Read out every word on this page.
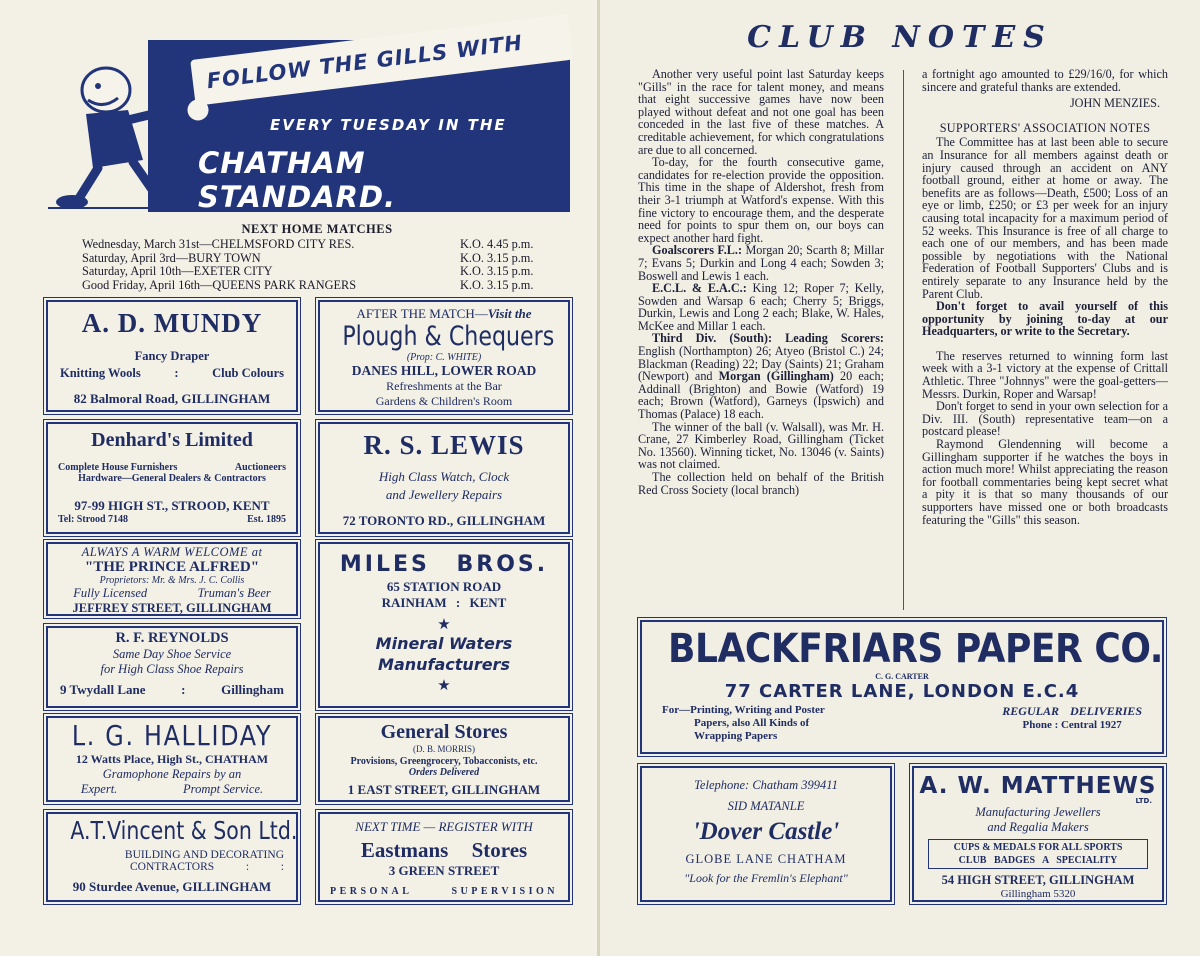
FOLLOW THE GILLS WITH TUMBLE
EVERY TUESDAY IN THE
CHATHAM STANDARD.
NEXT HOME MATCHES
Wednesday, March 31st—CHELMSFORD CITY RES.	K.O. 4.45 p.m.
Saturday, April 3rd—BURY TOWN	K.O. 3.15 p.m.
Saturday, April 10th—EXETER CITY	K.O. 3.15 p.m.
Good Friday, April 16th—QUEENS PARK RANGERS	K.O. 3.15 p.m.
A. D. MUNDY
Fancy Draper
Knitting Wools	:	Club Colours
82 Balmoral Road, GILLINGHAM
AFTER THE MATCH—Visit the
Plough & Chequers
(Prop: C. WHITE)
DANES HILL, LOWER ROAD
Refreshments at the Bar
Gardens & Children's Room
Denhard's Limited
Complete House Furnishers	Auctioneers
Hardware—General Dealers & Contractors
97-99 HIGH ST., STROOD, KENT
Tel: Strood 7148	Est. 1895
R. S. LEWIS
High Class Watch, Clock
and Jewellery Repairs
72 TORONTO RD., GILLINGHAM
ALWAYS A WARM WELCOME at
"THE PRINCE ALFRED"
Proprietors: Mr. & Mrs. J. C. Collis
Fully Licensed	Truman's Beer
JEFFREY STREET, GILLINGHAM
MILES BROS.
65 STATION ROAD
RAINHAM : KENT
★
Mineral Waters
Manufacturers
★
R. F. REYNOLDS
Same Day Shoe Service
for High Class Shoe Repairs
9 Twydall Lane	:	Gillingham
L. G. HALLIDAY
12 Watts Place, High St., CHATHAM
Gramophone Repairs by an
Expert.	Prompt Service.
General Stores
(D. B. MORRIS)
Provisions, Greengrocery, Tobacconists, etc.
Orders Delivered
1 EAST STREET, GILLINGHAM
A.T.Vincent & Son Ltd.
BUILDING AND DECORATING
CONTRACTORS	:	:
90 Sturdee Avenue, GILLINGHAM
NEXT TIME — REGISTER WITH
Eastmans Stores
3 GREEN STREET
PERSONAL	SUPERVISION
CLUB NOTES

Another very useful point last Saturday keeps "Gills" in the race for talent money, and means that eight successive games have now been played without defeat and not one goal has been conceded in the last five of these matches. A creditable achievement, for which congratulations are due to all concerned.

To-day, for the fourth consecutive game, candidates for re-election provide the opposition. This time in the shape of Aldershot, fresh from their 3-1 triumph at Watford's expense. With this fine victory to encourage them, and the desperate need for points to spur them on, our boys can expect another hard fight.

Goalscorers F.L.: Morgan 20; Scarth 8; Millar 7; Evans 5; Durkin and Long 4 each; Sowden 3; Boswell and Lewis 1 each.

E.C.L. & E.A.C.: King 12; Roper 7; Kelly, Sowden and Warsap 6 each; Cherry 5; Briggs, Durkin, Lewis and Long 2 each; Blake, W. Hales, McKee and Millar 1 each.

Third Div. (South): Leading Scorers: English (Northampton) 26; Atyeo (Bristol C.) 24; Blackman (Reading) 22; Day (Saints) 21; Graham (Newport) and Morgan (Gillingham) 20 each; Addinall (Brighton) and Bowie (Watford) 19 each; Brown (Watford), Garneys (Ipswich) and Thomas (Palace) 18 each.

The winner of the ball (v. Walsall), was Mr. H. Crane, 27 Kimberley Road, Gillingham (Ticket No. 13560). Winning ticket, No. 13046 (v. Saints) was not claimed.

The collection held on behalf of the British Red Cross Society (local branch)

a fortnight ago amounted to £29/16/0, for which sincere and grateful thanks are extended.

JOHN MENZIES.
SUPPORTERS' ASSOCIATION NOTES

The Committee has at last been able to secure an Insurance for all members against death or injury caused through an accident on ANY football ground, either at home or away. The benefits are as follows—Death, £500; Loss of an eye or limb, £250; or £3 per week for an injury causing total incapacity for a maximum period of 52 weeks. This Insurance is free of all charge to each one of our members, and has been made possible by negotiations with the National Federation of Football Supporters' Clubs and is entirely separate to any Insurance held by the Parent Club.

Don't forget to avail yourself of this opportunity by joining to-day at our Headquarters, or write to the Secretary.

The reserves returned to winning form last week with a 3-1 victory at the expense of Crittall Athletic. Three "Johnnys" were the goal-getters—Messrs. Durkin, Roper and Warsap!

Don't forget to send in your own selection for a Div. III. (South) representative team—on a postcard please!

Raymond Glendenning will become a Gillingham supporter if he watches the boys in action much more! Whilst appreciating the reason for football commentaries being kept secret what a pity it is that so many thousands of our supporters have missed one or both broadcasts featuring the "Gills" this season.

BLACKFRIARS PAPER CO.
C. G. CARTER
77 CARTER LANE, LONDON E.C.4
For—Printing, Writing and Poster
Papers, also All Kinds of
Wrapping Papers
REGULAR DELIVERIES
Phone : Central 1927
Telephone: Chatham 399411
SID MATANLE
'Dover Castle'
GLOBE LANE CHATHAM
"Look for the Fremlin's Elephant"
A. W. MATTHEWS
LTD.
Manufacturing Jewellers
and Regalia Makers
CUPS & MEDALS FOR ALL SPORTS
CLUB BADGES A SPECIALITY
54 HIGH STREET, GILLINGHAM
Gillingham 5320
